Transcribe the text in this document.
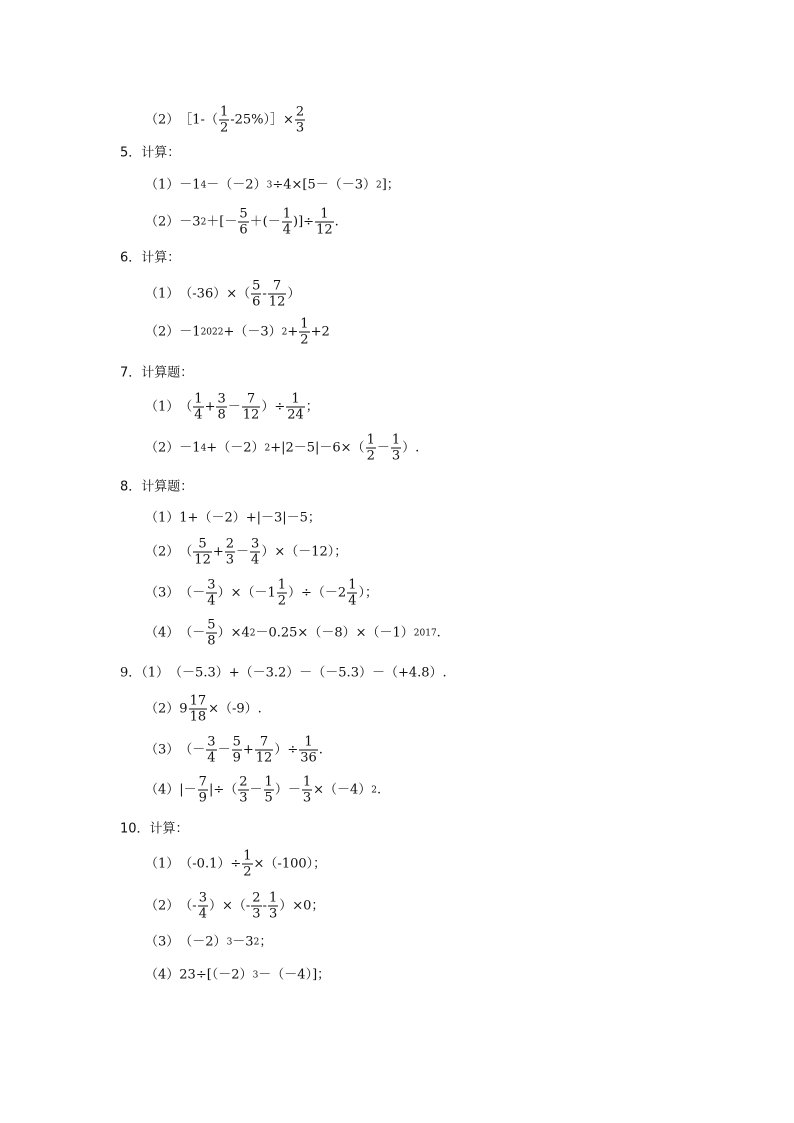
（2） ［1-（ $\frac{1}{2}$ -25%）］× $\frac{2}{3}$
5．计算：
（1） －1 4 －（－2） 3 ÷4×[5－（－3） 2 ]；
（2） －3 2 ＋[－ $\frac{5}{6}$ ＋(－ $\frac{1}{4}$ )]÷ $\frac{1}{12}$ .
6．计算：
（1） $(-36)\times( \frac{5}{6} - \frac{7}{12}$ ）
（2） －1 2022 +（－3） $2 + \frac{1}{2} +2$
7．计算题：
（1） （ $\frac{1}{4} + \frac{3}{8} - \frac{7}{12}$ ）÷ $\frac{1}{24}$ ；
（2） －1 4 +（－2） $2 +|2-5|-6\times( \frac{1}{2} - \frac{1}{3}$ ）.
8．计算题：
（1） 1+（－2）+|－3|－5；
（2） （ $\frac{5}{12} + \frac{2}{3} - \frac{3}{4} )\times(-12)$；
（3） （－ $\frac{3}{4} )\times(-1 \frac{1}{2} )\div(-2 \frac{1}{4}$ ）；
（4） （－ $\frac{5}{8} )\times 4$ 2 －0.25×（－8）×（－1） 2017 .
9．（1） （－5.3）+（－3.2）－（－5.3）－（+4.8）.
（2） $9 \frac{17}{18} \times(-9)$.
（3） （－ $\frac{3}{4} - \frac{5}{9} + \frac{7}{12}$ ）÷ $\frac{1}{36}$ .
（4） |－ $\frac{7}{9}$ |÷（ $\frac{2}{3} - \frac{1}{5}$ ）－ $\frac{1}{3} \times(-4)$ 2 .
10．计算：
（1） $(-0.1)\div \frac{1}{2} \times(-100)$；
（2） （- $\frac{3}{4}$ ）×（- $\frac{2}{3} - \frac{1}{3} )\times 0$；
（3） （－2） 3 －3 2 ；
（4） 23÷[（－2） 3 －（－4）]；
